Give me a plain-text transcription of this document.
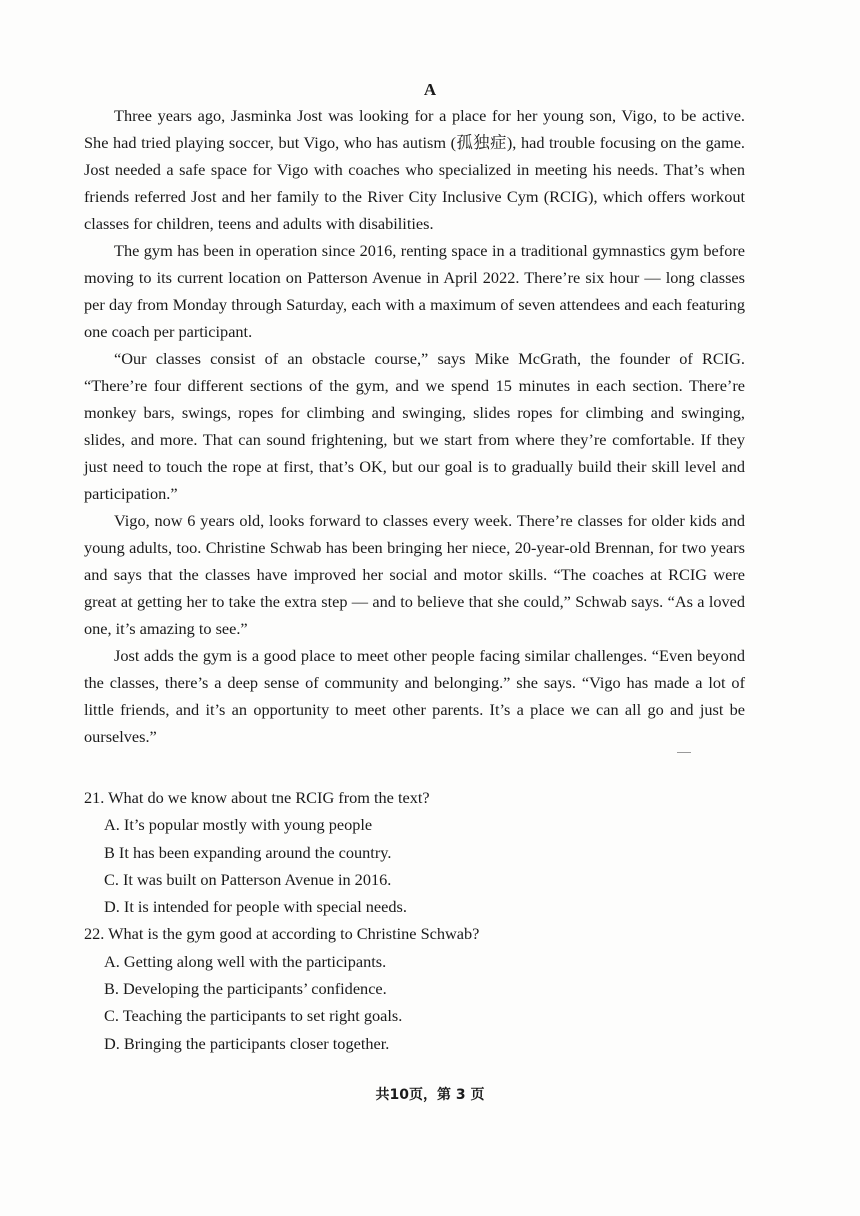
A

Three years ago, Jasminka Jost was looking for a place for her young son, Vigo, to be active. She had tried playing soccer, but Vigo, who has autism (孤独症), had trouble focusing on the game. Jost needed a safe space for Vigo with coaches who specialized in meeting his needs. That’s when friends referred Jost and her family to the River City Inclusive Cym (RCIG), which offers workout classes for children, teens and adults with disabilities.

The gym has been in operation since 2016, renting space in a traditional gymnastics gym before moving to its current location on Patterson Avenue in April 2022. There’re six hour — long classes per day from Monday through Saturday, each with a maximum of seven attendees and each featuring one coach per participant.

“Our classes consist of an obstacle course,” says Mike McGrath, the founder of RCIG. “There’re four different sections of the gym, and we spend 15 minutes in each section. There’re monkey bars, swings, ropes for climbing and swinging, slides ropes for climbing and swinging, slides, and more. That can sound frightening, but we start from where they’re comfortable. If they just need to touch the rope at first, that’s OK, but our goal is to gradually build their skill level and participation.”

Vigo, now 6 years old, looks forward to classes every week. There’re classes for older kids and young adults, too. Christine Schwab has been bringing her niece, 20-year-old Brennan, for two years and says that the classes have improved her social and motor skills. “The coaches at RCIG were great at getting her to take the extra step — and to believe that she could,” Schwab says. “As a loved one, it’s amazing to see.”

Jost adds the gym is a good place to meet other people facing similar challenges. “Even beyond the classes, there’s a deep sense of community and belonging.” she says. “Vigo has made a lot of little friends, and it’s an opportunity to meet other parents. It’s a place we can all go and just be ourselves.”

21. What do we know about tne RCIG from the text?

A. It’s popular mostly with young people

B It has been expanding around the country.

C. It was built on Patterson Avenue in 2016.

D. It is intended for people with special needs.

22. What is the gym good at according to Christine Schwab?

A. Getting along well with the participants.

B. Developing the participants’ confidence.

C. Teaching the participants to set right goals.

D. Bringing the participants closer together.

共10页，第 3 页
